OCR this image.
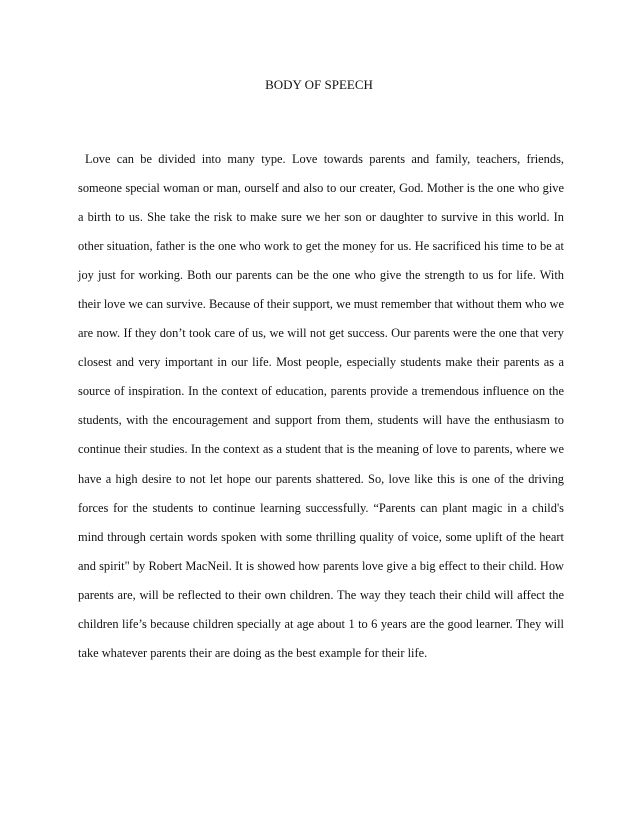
BODY OF SPEECH

Love can be divided into many type. Love towards parents and family, teachers, friends, someone special woman or man, ourself and also to our creater, God. Mother is the one who give a birth to us. She take the risk to make sure we her son or daughter to survive in this world. In other situation, father is the one who work to get the money for us. He sacrificed his time to be at joy just for working. Both our parents can be the one who give the strength to us for life. With their love we can survive. Because of their support, we must remember that without them who we are now. If they don’t took care of us, we will not get success. Our parents were the one that very closest and very important in our life. Most people, especially students make their parents as a source of inspiration. In the context of education, parents provide a tremendous influence on the students, with the encouragement and support from them, students will have the enthusiasm to continue their studies. In the context as a student that is the meaning of love to parents, where we have a high desire to not let hope our parents shattered. So, love like this is one of the driving forces for the students to continue learning successfully. “Parents can plant magic in a child's mind through certain words spoken with some thrilling quality of voice, some uplift of the heart and spirit" by Robert MacNeil. It is showed how parents love give a big effect to their child. How parents are, will be reflected to their own children. The way they teach their child will affect the children life’s because children specially at age about 1 to 6 years are the good learner. They will take whatever parents their are doing as the best example for their life.
